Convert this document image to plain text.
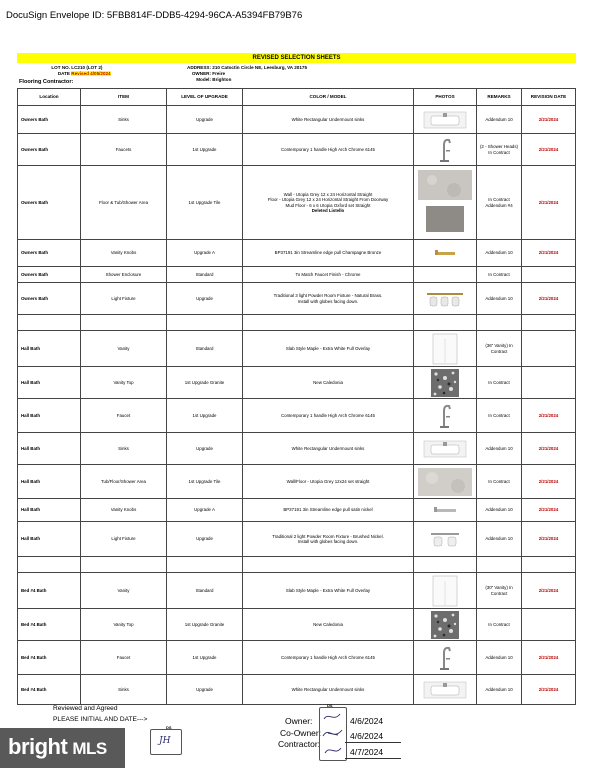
DocuSign Envelope ID: 5FBB814F-DDB5-4294-96CA-A5394FB79B76
REVISED SELECTION SHEETS
LOT NO. LC210 (LOT 2)
DATE Revised 4/05/2024
ADDRESS: 210 Catoctin Circle NE, Leesburg, VA 20175
OWNER: Freire
Model: Brighton
Flooring Contractor:
Location	ITEM	LEVEL OF UPGRADE	COLOR / MODEL	PHOTOS	REMARKS	REVISION DATE
Owners Bath	Sinks	Upgrade	White Rectangular Undermount sinks		Addendum 10	2/21/2024
Owners Bath	Faucets	1st Upgrade	Contemporary 1 handle High Arch Chrome 6145		(2 - Shower Heads) In Contract	2/21/2024
Owners Bath	Floor & Tub/Shower Area	1st Upgrade Tile	Wall - Utopia Grey 12 x 24 Horizontal Straight
Floor - Utopia Grey 12 x 24 Horizontal Straight From Doorway
Mud Floor - 6 x 6 Utopia Oxford set Straight
Deleted Listello		In Contract Addendum #4	2/21/2024
Owners Bath	Vanity Knobs	Upgrade A	BP37191 3in Streamline edge pull Champagne Bronze		Addendum 10	2/21/2024
Owners Bath	Shower Enclosure	Standard	To Match Faucet Finish - Chrome		In Contract	
Owners Bath	Light Fixture	Upgrade	Traditional 3 light Powder Room Fixture - Natural Brass.
Install with globes facing down.		Addendum 10	2/21/2024

Hall Bath	Vanity	Standard	Slab Style Maple - Extra White Full Overlay		(36" Vanity) In Contract	
Hall Bath	Vanity Top	1st Upgrade Granite	New Caledonia		In Contract	
Hall Bath	Faucet	1st Upgrade	Contemporary 1 handle High Arch Chrome 6145		In Contract	2/21/2024
Hall Bath	Sinks	Upgrade	White Rectangular Undermount sinks		Addendum 10	2/21/2024
Hall Bath	Tub/Floor/Shower Area	1st Upgrade Tile	Wall/Floor - Utopia Grey 12x24 set straight		In Contract	2/21/2024
Hall Bath	Vanity Knobs	Upgrade A	BP37191 3in Streamline edge pull satin nickel		Addendum 10	2/21/2024
Hall Bath	Light Fixture	Upgrade	Traditional 2 light Powder Room Fixture - Brushed Nickel.
Install with globes facing down.		Addendum 10	2/21/2024

Bed #4 Bath	Vanity	Standard	Slab Style Maple - Extra White Full Overlay		(30" Vanity) In Contract	2/21/2024
Bed #4 Bath	Vanity Top	1st Upgrade Granite	New Caledonia		In Contract	
Bed #4 Bath	Faucet	1st Upgrade	Contemporary 1 handle High Arch Chrome 6145		Addendum 10	2/21/2024
Bed #4 Bath	Sinks	Upgrade	White Rectangular Undermount sinks		Addendum 10	2/21/2024
Reviewed and Agreed
PLEASE INITIAL AND DATE--->
DS
JH
DS
Owner:
Co-Owner:
Contractor:
4/6/2024
4/6/2024
4/7/2024
bright MLS
